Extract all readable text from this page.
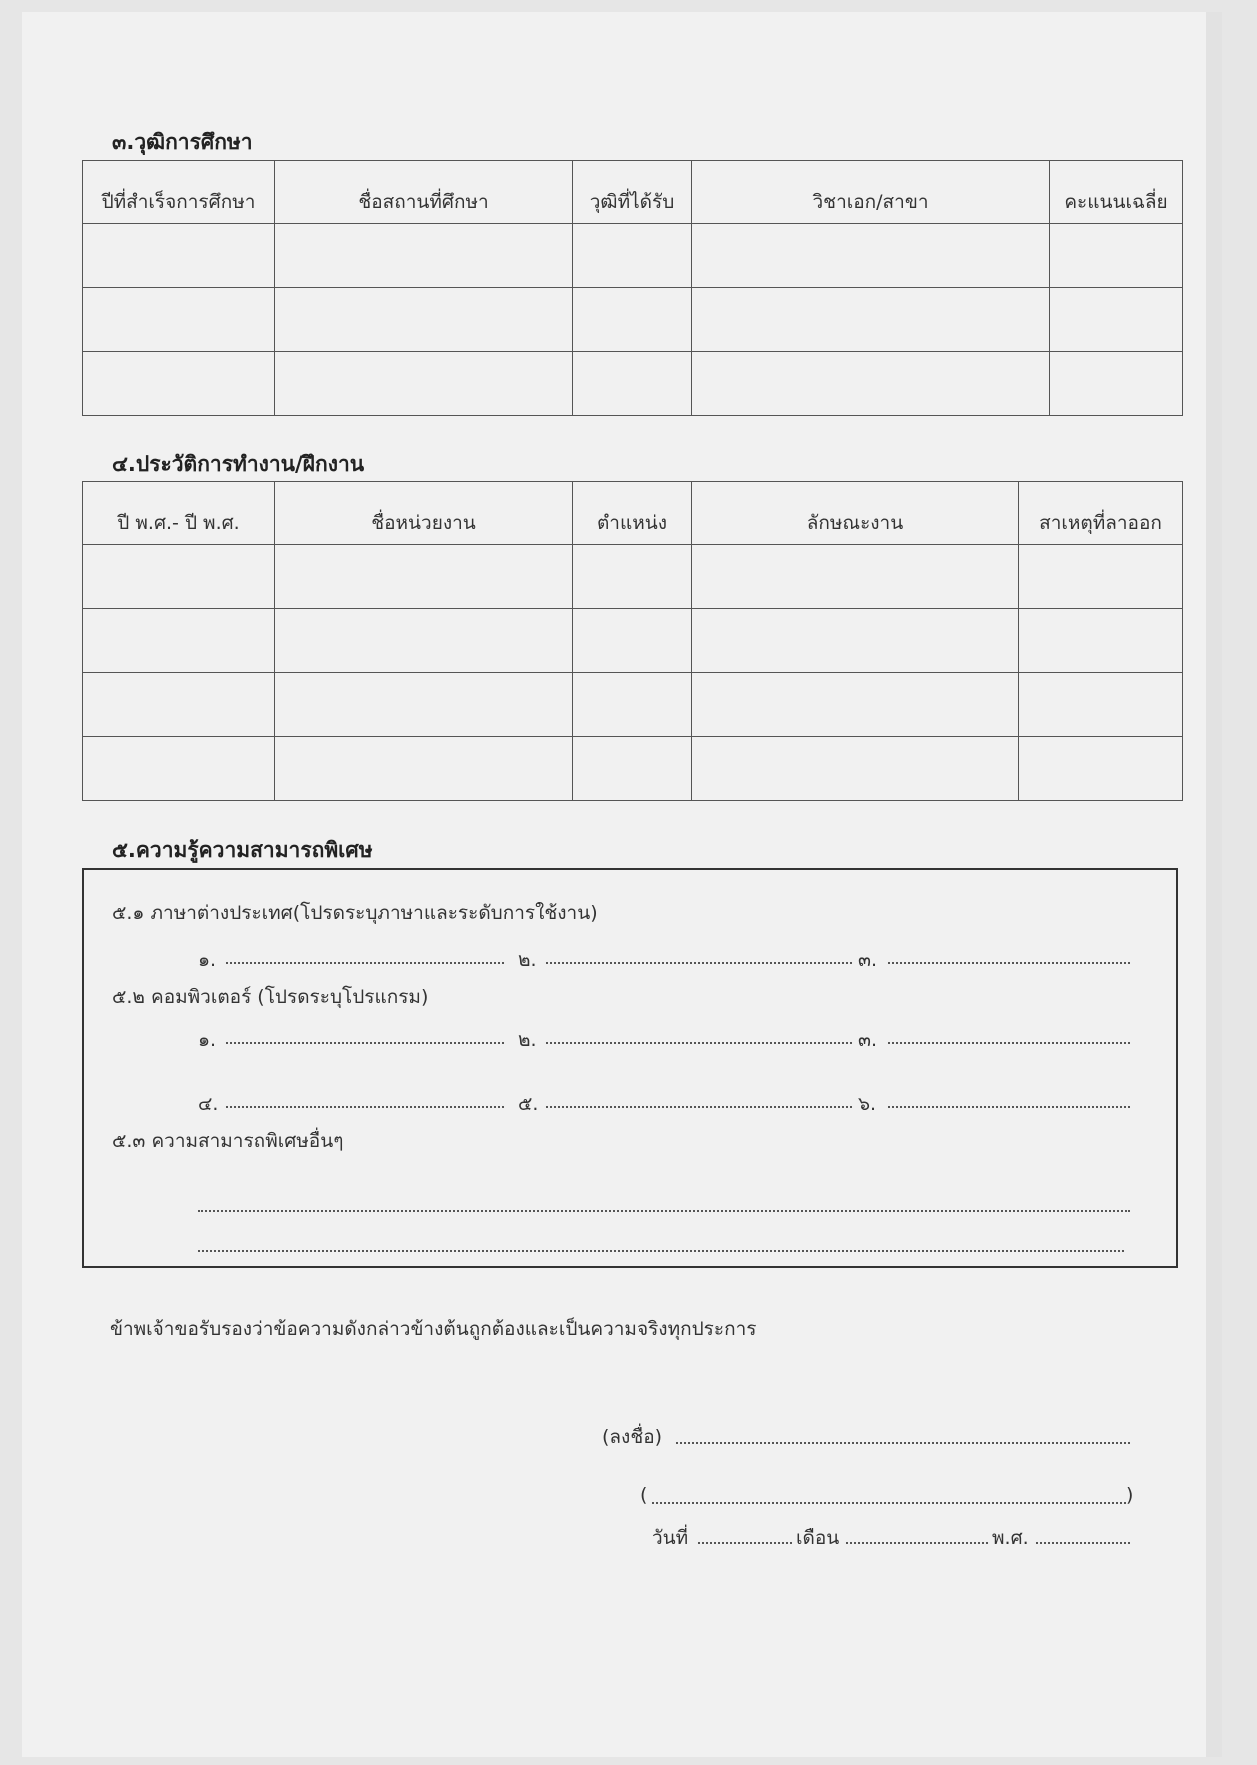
๓.วุฒิการศึกษา
ปีที่สำเร็จการศึกษา	ชื่อสถานที่ศึกษา	วุฒิที่ได้รับ	วิชาเอก/สาขา	คะแนนเฉลี่ย

๔.ประวัติการทำงาน/ฝึกงาน
ปี พ.ศ.- ปี พ.ศ.	ชื่อหน่วยงาน	ตำแหน่ง	ลักษณะงาน	สาเหตุที่ลาออก

๕.ความรู้ความสามารถพิเศษ
๕.๑ ภาษาต่างประเทศ(โปรดระบุภาษาและระดับการใช้งาน)
๑.	๒.	๓.
๕.๒ คอมพิวเตอร์ (โปรดระบุโปรแกรม)
๑.	๒.	๓.
๔.	๕.	๖.
๕.๓ ความสามารถพิเศษอื่นๆ
ข้าพเจ้าขอรับรองว่าข้อความดังกล่าวข้างต้นถูกต้องและเป็นความจริงทุกประการ
(ลงชื่อ)
(	)
วันที่	เดือน	พ.ศ.
